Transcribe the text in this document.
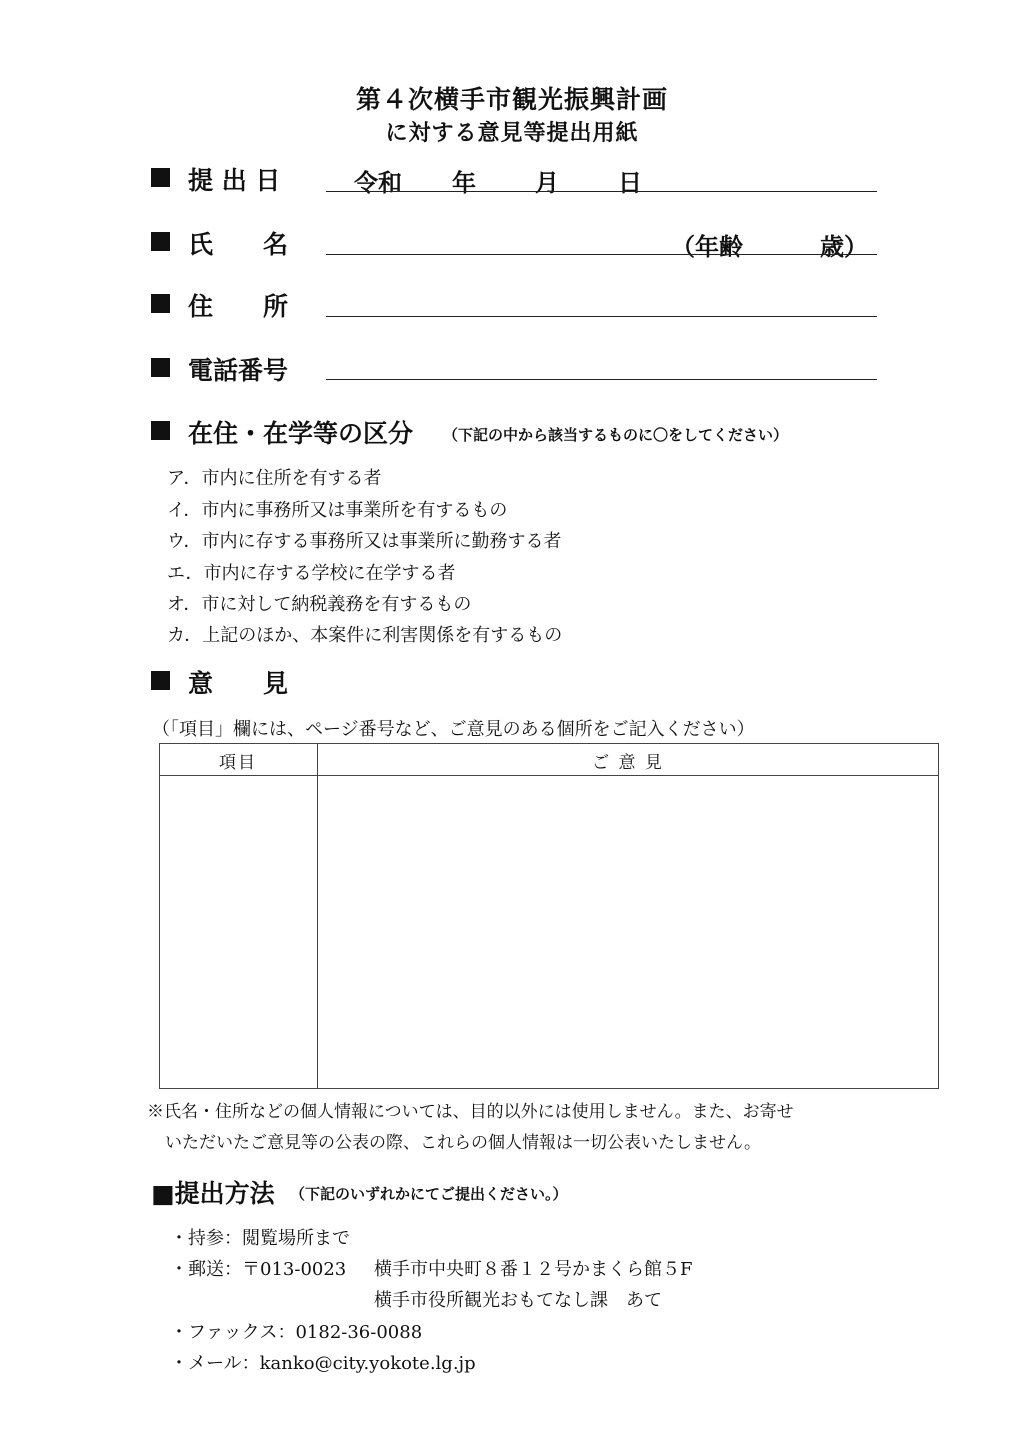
第４次横手市観光振興計画
に対する意見等提出用紙
提 出 日	令和 年 月 日
氏　　名	（年齢	歳）
住　　所
電話番号
在住・在学等の区分 （下記の中から該当するものに〇をしてください）
ア．市内に住所を有する者
イ．市内に事務所又は事業所を有するもの
ウ．市内に存する事務所又は事業所に勤務する者
エ．市内に存する学校に在学する者
オ．市に対して納税義務を有するもの
カ．上記のほか、本案件に利害関係を有するもの
意　　見
（「項目」欄には、ページ番号など、ご意見のある個所をご記入ください）
項目	ご 意 見
※氏名・住所などの個人情報については、目的以外には使用しません。また、お寄せ
いただいたご意見等の公表の際、これらの個人情報は一切公表いたしません。
■提出方法 （下記のいずれかにてご提出ください。）
・持参：閲覧場所まで
・郵送：〒013-0023 横手市中央町８番１２号かまくら館５F
横手市役所観光おもてなし課　あて
・ファックス：0182-36-0088
・メール：kanko@city.yokote.lg.jp
